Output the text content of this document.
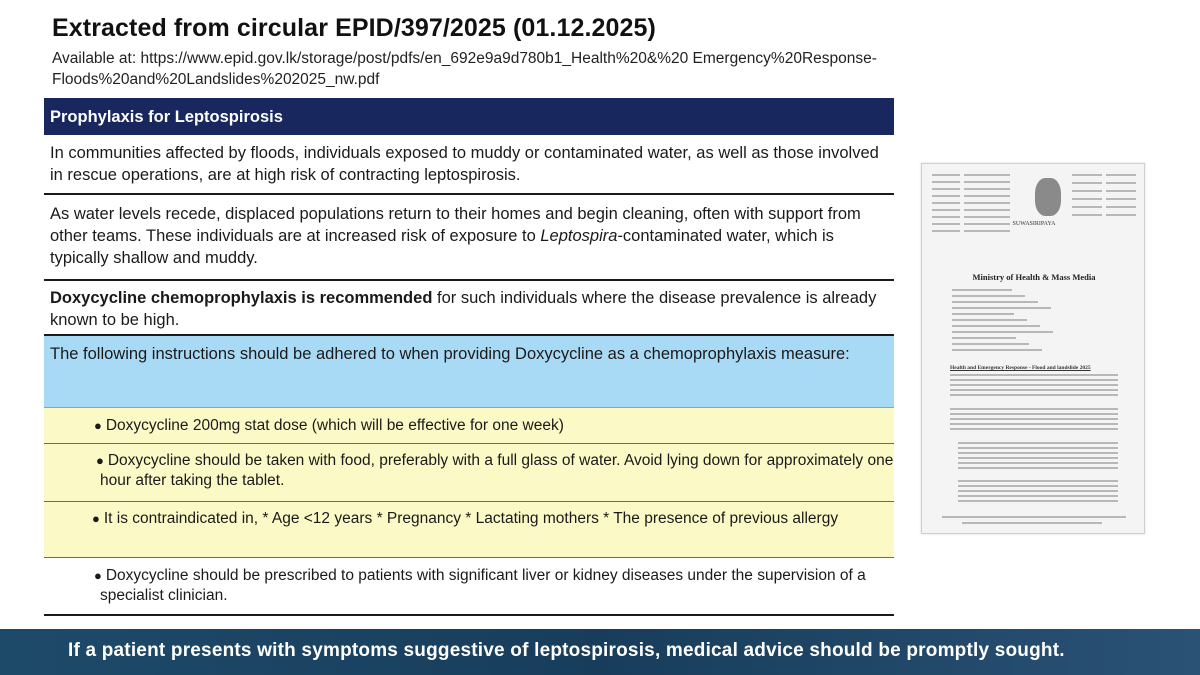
Extracted from circular EPID/397/2025 (01.12.2025)
Available at: https://www.epid.gov.lk/storage/post/pdfs/en_692e9a9d780b1_Health%20&%20 Emergency%20Response-Floods%20and%20Landslides%202025_nw.pdf
Prophylaxis for Leptospirosis
In communities affected by floods, individuals exposed to muddy or contaminated water, as well as those involved in rescue operations, are at high risk of contracting leptospirosis.
As water levels recede, displaced populations return to their homes and begin cleaning, often with support from other teams. These individuals are at increased risk of exposure to Leptospira-contaminated water, which is typically shallow and muddy.
Doxycycline chemoprophylaxis is recommended for such individuals where the disease prevalence is already known to be high.
The following instructions should be adhered to when providing Doxycycline as a chemoprophylaxis measure:
● Doxycycline 200mg stat dose (which will be effective for one week)
● Doxycycline should be taken with food, preferably with a full glass of water. Avoid lying down for approximately one hour after taking the tablet.
● It is contraindicated in, * Age <12 years * Pregnancy * Lactating mothers * The presence of previous allergy
● Doxycycline should be prescribed to patients with significant liver or kidney diseases under the supervision of a specialist clinician.
SUWASIRIPAYA
Ministry of Health & Mass Media
Health and Emergency Response - Flood and landslide 2025
If a patient presents with symptoms suggestive of leptospirosis, medical advice should be promptly sought.
